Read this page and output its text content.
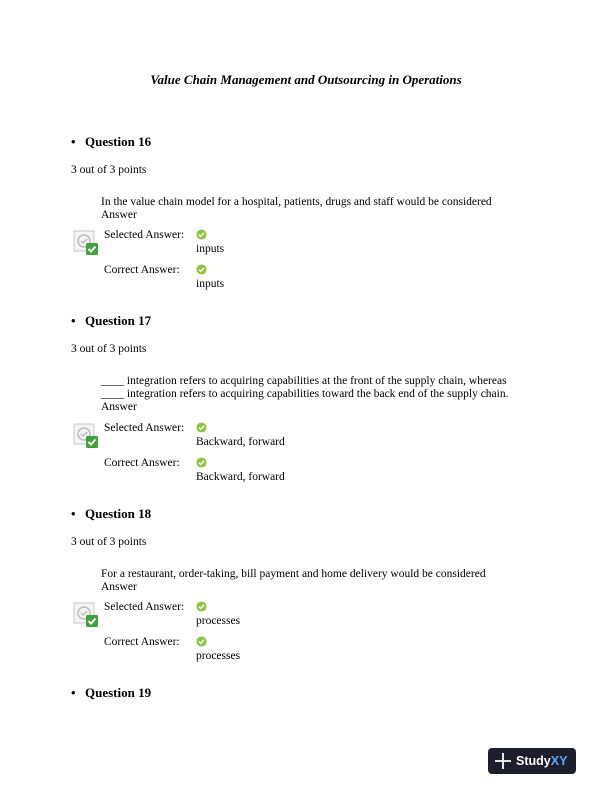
Value Chain Management and Outsourcing in Operations
• Question 16
3 out of 3 points
In the value chain model for a hospital, patients, drugs and staff would be considered
Answer
Selected Answer:
inputs
Correct Answer:
inputs
• Question 17
3 out of 3 points
____ integration refers to acquiring capabilities at the front of the supply chain, whereas
____ integration refers to acquiring capabilities toward the back end of the supply chain.
Answer
Selected Answer:
Backward, forward
Correct Answer:
Backward, forward
• Question 18
3 out of 3 points
For a restaurant, order-taking, bill payment and home delivery would be considered
Answer
Selected Answer:
processes
Correct Answer:
processes
• Question 19
Study XY
